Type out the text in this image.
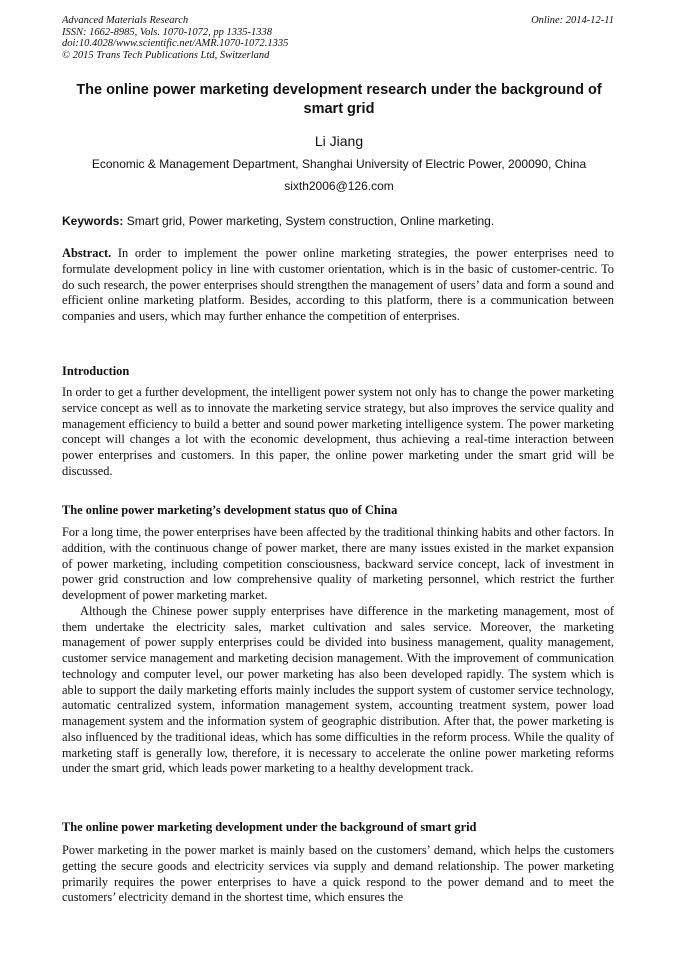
Advanced Materials Research
ISSN: 1662-8985, Vols. 1070-1072, pp 1335-1338
doi:10.4028/www.scientific.net/AMR.1070-1072.1335
© 2015 Trans Tech Publications Ltd, Switzerland
Online: 2014-12-11
The online power marketing development research under the background of smart grid
Li Jiang
Economic & Management Department, Shanghai University of Electric Power, 200090, China
sixth2006@126.com
Keywords: Smart grid, Power marketing, System construction, Online marketing.

Abstract. In order to implement the power online marketing strategies, the power enterprises need to formulate development policy in line with customer orientation, which is in the basic of customer-centric. To do such research, the power enterprises should strengthen the management of users’ data and form a sound and efficient online marketing platform. Besides, according to this platform, there is a communication between companies and users, which may further enhance the competition of enterprises.

Introduction

In order to get a further development, the intelligent power system not only has to change the power marketing service concept as well as to innovate the marketing service strategy, but also improves the service quality and management efficiency to build a better and sound power marketing intelligence system. The power marketing concept will changes a lot with the economic development, thus achieving a real-time interaction between power enterprises and customers. In this paper, the online power marketing under the smart grid will be discussed.

The online power marketing’s development status quo of China

For a long time, the power enterprises have been affected by the traditional thinking habits and other factors. In addition, with the continuous change of power market, there are many issues existed in the market expansion of power marketing, including competition consciousness, backward service concept, lack of investment in power grid construction and low comprehensive quality of marketing personnel, which restrict the further development of power marketing market.

Although the Chinese power supply enterprises have difference in the marketing management, most of them undertake the electricity sales, market cultivation and sales service. Moreover, the marketing management of power supply enterprises could be divided into business management, quality management, customer service management and marketing decision management. With the improvement of communication technology and computer level, our power marketing has also been developed rapidly. The system which is able to support the daily marketing efforts mainly includes the support system of customer service technology, automatic centralized system, information management system, accounting treatment system, power load management system and the information system of geographic distribution. After that, the power marketing is also influenced by the traditional ideas, which has some difficulties in the reform process. While the quality of marketing staff is generally low, therefore, it is necessary to accelerate the online power marketing reforms under the smart grid, which leads power marketing to a healthy development track.

The online power marketing development under the background of smart grid

Power marketing in the power market is mainly based on the customers’ demand, which helps the customers getting the secure goods and electricity services via supply and demand relationship. The power marketing primarily requires the power enterprises to have a quick respond to the power demand and to meet the customers’ electricity demand in the shortest time, which ensures the
